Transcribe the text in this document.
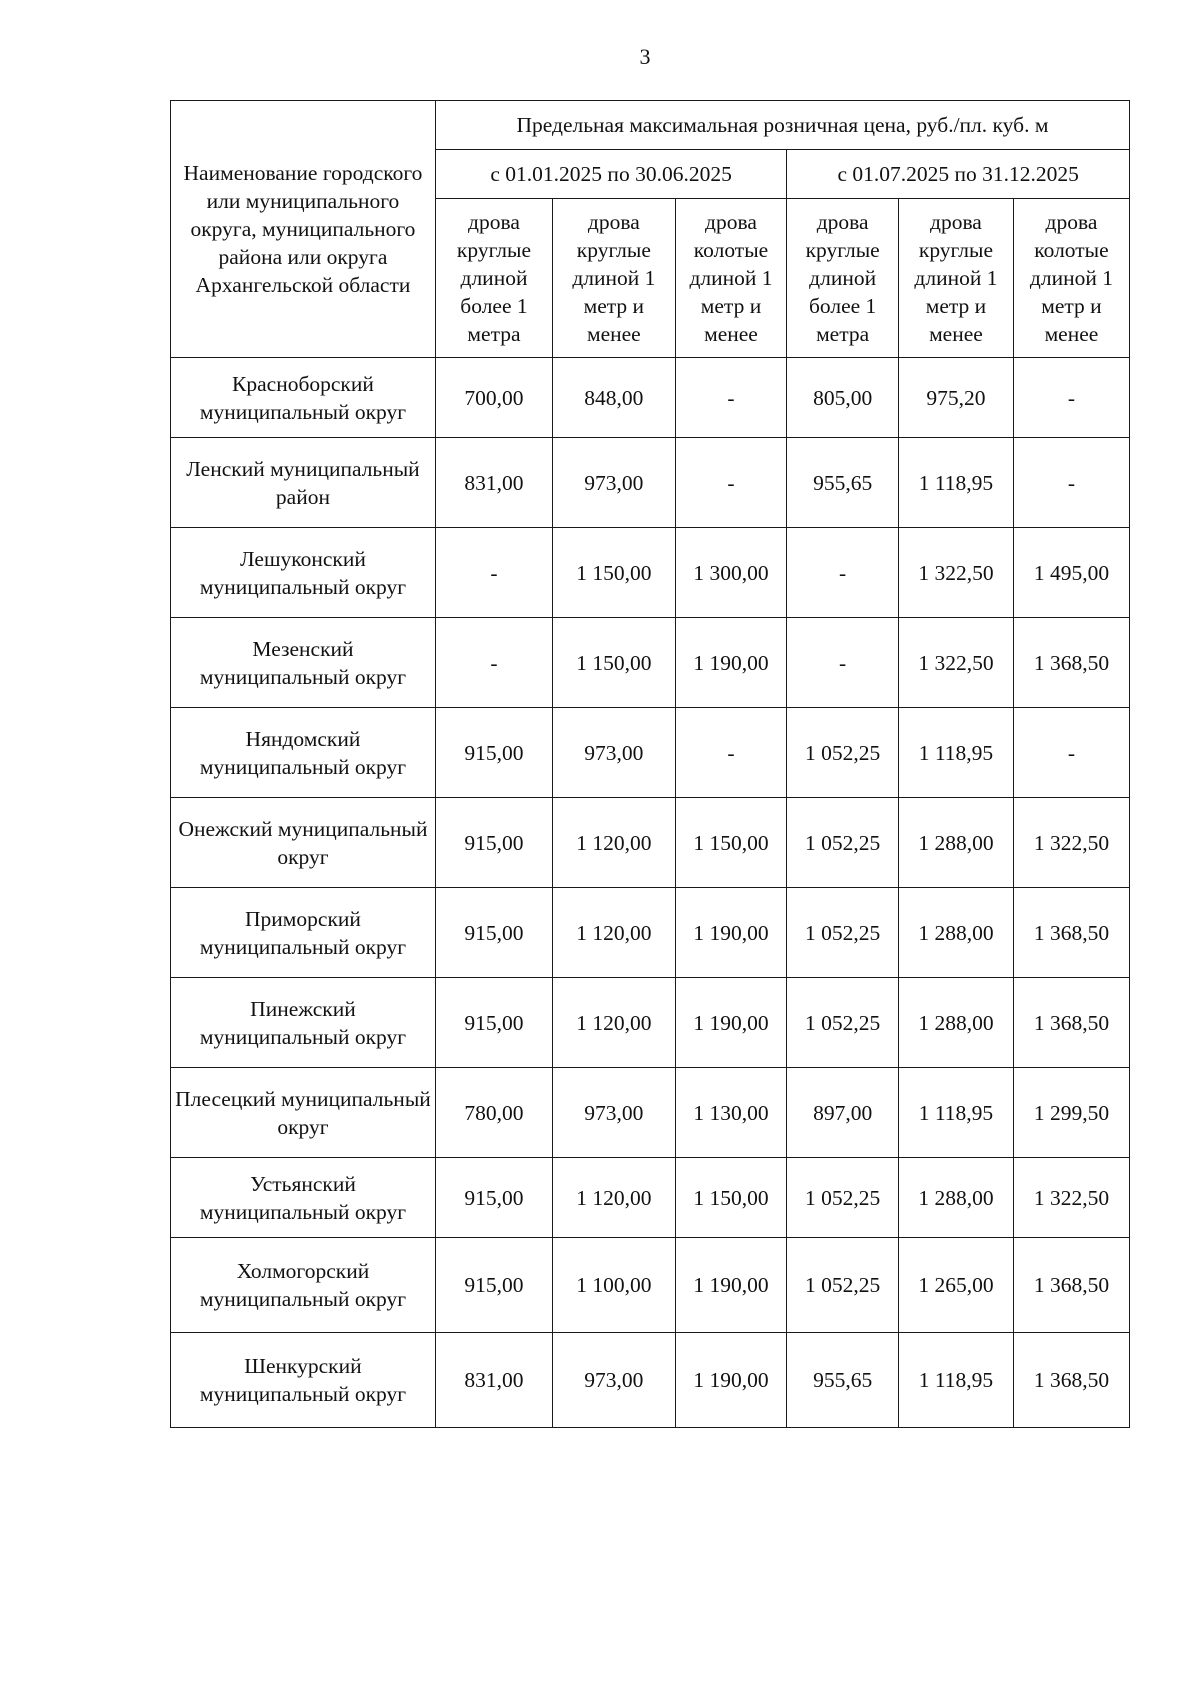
3
Наименование городского или муниципального округа, муниципального района или округа Архангельской области	Предельная максимальная розничная цена, руб./пл. куб. м					
	с 01.01.2025 по 30.06.2025			с 01.07.2025 по 31.12.2025		
	дрова круглые длиной более 1 метра	дрова круглые длиной 1 метр и менее	дрова колотые длиной 1 метр и менее	дрова круглые длиной более 1 метра	дрова круглые длиной 1 метр и менее	дрова колотые длиной 1 метр и менее
Красноборский муниципальный округ	700,00	848,00	-	805,00	975,20	-
Ленский муниципальный район	831,00	973,00	-	955,65	1 118,95	-
Лешуконский муниципальный округ	-	1 150,00	1 300,00	-	1 322,50	1 495,00
Мезенский муниципальный округ	-	1 150,00	1 190,00	-	1 322,50	1 368,50
Няндомский муниципальный округ	915,00	973,00	-	1 052,25	1 118,95	-
Онежский муниципальный округ	915,00	1 120,00	1 150,00	1 052,25	1 288,00	1 322,50
Приморский муниципальный округ	915,00	1 120,00	1 190,00	1 052,25	1 288,00	1 368,50
Пинежский муниципальный округ	915,00	1 120,00	1 190,00	1 052,25	1 288,00	1 368,50
Плесецкий муниципальный округ	780,00	973,00	1 130,00	897,00	1 118,95	1 299,50
Устьянский муниципальный округ	915,00	1 120,00	1 150,00	1 052,25	1 288,00	1 322,50
Холмогорский муниципальный округ	915,00	1 100,00	1 190,00	1 052,25	1 265,00	1 368,50
Шенкурский муниципальный округ	831,00	973,00	1 190,00	955,65	1 118,95	1 368,50
